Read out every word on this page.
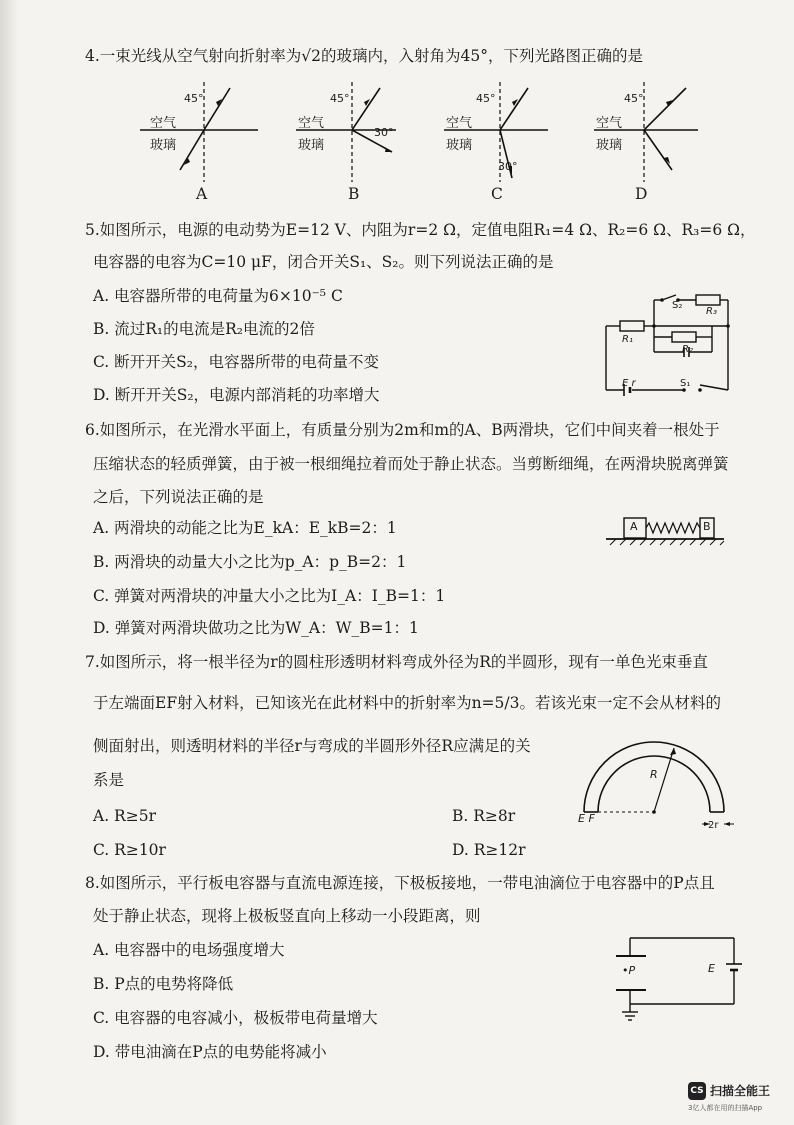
4.一束光线从空气射向折射率为√2的玻璃内，入射角为45°，下列光路图正确的是
空气
玻璃
45°
A
空气
玻璃
45°
30°
B
空气
玻璃
45°
30°
C
空气
玻璃
45°
D
5.如图所示，电源的电动势为E=12 V、内阻为r=2 Ω，定值电阻R₁=4 Ω、R₂=6 Ω、R₃=6 Ω，
电容器的电容为C=10 μF，闭合开关S₁、S₂。则下列说法正确的是
A. 电容器所带的电荷量为6×10⁻⁵ C
B. 流过R₁的电流是R₂电流的2倍
C. 断开开关S₂，电容器所带的电荷量不变
D. 断开开关S₂，电源内部消耗的功率增大
S₂
R₃
R₁
R₂
E r	S₁
6.如图所示，在光滑水平面上，有质量分别为2m和m的A、B两滑块，它们中间夹着一根处于
压缩状态的轻质弹簧，由于被一根细绳拉着而处于静止状态。当剪断细绳，在两滑块脱离弹簧
之后，下列说法正确的是
A. 两滑块的动能之比为E_kA：E_kB=2：1
B. 两滑块的动量大小之比为p_A：p_B=2：1
C. 弹簧对两滑块的冲量大小之比为I_A：I_B=1：1
D. 弹簧对两滑块做功之比为W_A：W_B=1：1
A	B
7.如图所示，将一根半径为r的圆柱形透明材料弯成外径为R的半圆形，现有一单色光束垂直
于左端面EF射入材料，已知该光在此材料中的折射率为n=5/3。若该光束一定不会从材料的
侧面射出，则透明材料的半径r与弯成的半圆形外径R应满足的关
系是
A. R≥5r	B. R≥8r
C. R≥10r	D. R≥12r
R
E F
2r
8.如图所示，平行板电容器与直流电源连接，下极板接地，一带电油滴位于电容器中的P点且
处于静止状态，现将上极板竖直向上移动一小段距离，则
A. 电容器中的电场强度增大
B. P点的电势将降低
C. 电容器的电容减小，极板带电荷量增大
D. 带电油滴在P点的电势能将减小
•P	E
CS 扫描全能王
3亿人都在用的扫描App
